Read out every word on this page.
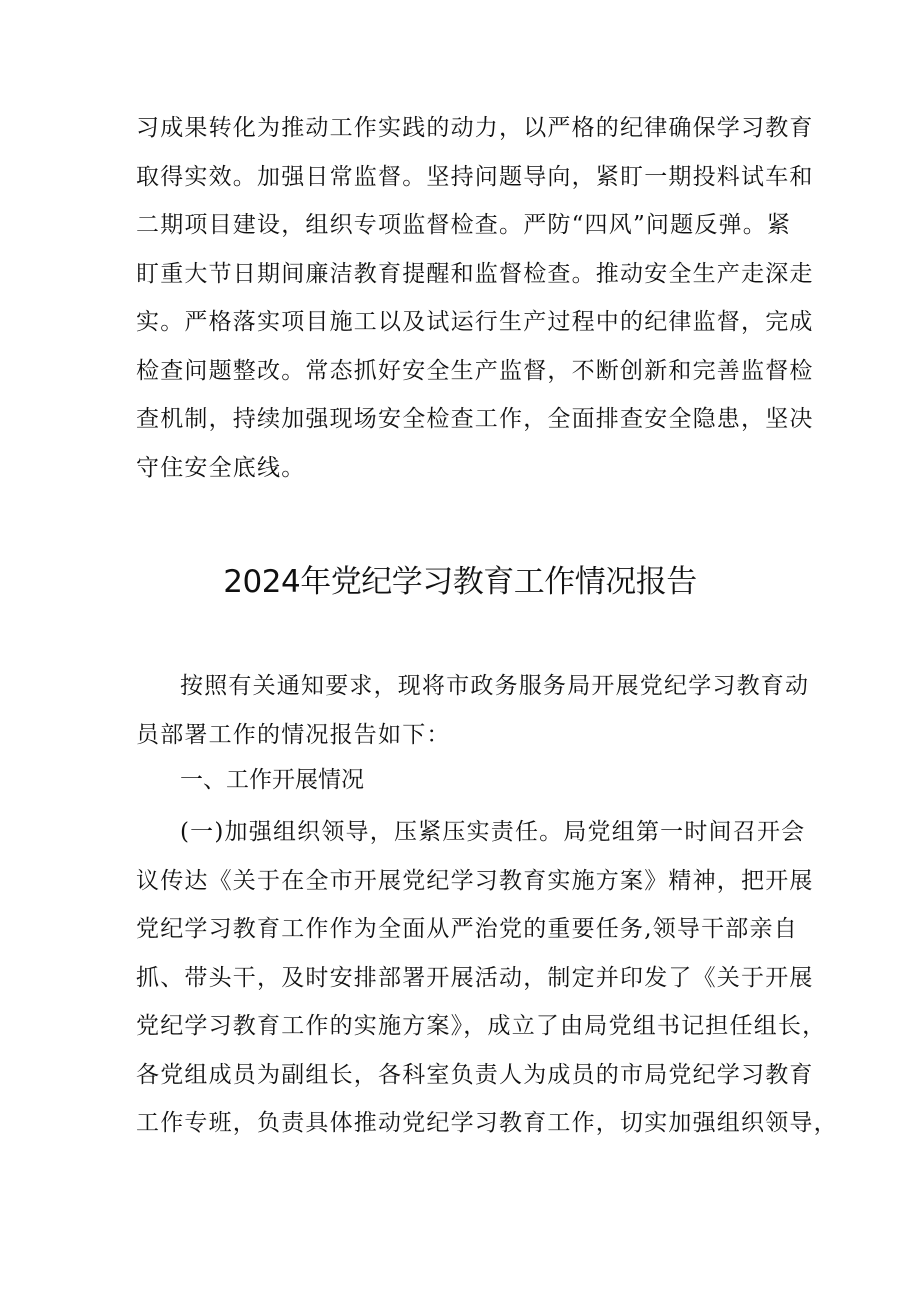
习成果转化为推动工作实践的动力，以严格的纪律确保学习教育
取得实效。加强日常监督。坚持问题导向，紧盯一期投料试车和
二期项目建设，组织专项监督检查。严防“四风”问题反弹。紧
盯重大节日期间廉洁教育提醒和监督检查。推动安全生产走深走
实。严格落实项目施工以及试运行生产过程中的纪律监督，完成
检查问题整改。常态抓好安全生产监督，不断创新和完善监督检
查机制，持续加强现场安全检查工作，全面排查安全隐患，坚决
守住安全底线。
2024年党纪学习教育工作情况报告
按照有关通知要求，现将市政务服务局开展党纪学习教育动
员部署工作的情况报告如下：
一、工作开展情况
(一)加强组织领导，压紧压实责任。局党组第一时间召开会
议传达《关于在全市开展党纪学习教育实施方案》精神，把开展
党纪学习教育工作作为全面从严治党的重要任务,领导干部亲自
抓、带头干，及时安排部署开展活动，制定并印发了《关于开展
党纪学习教育工作的实施方案》，成立了由局党组书记担任组长，
各党组成员为副组长，各科室负责人为成员的市局党纪学习教育
工作专班，负责具体推动党纪学习教育工作，切实加强组织领导，
